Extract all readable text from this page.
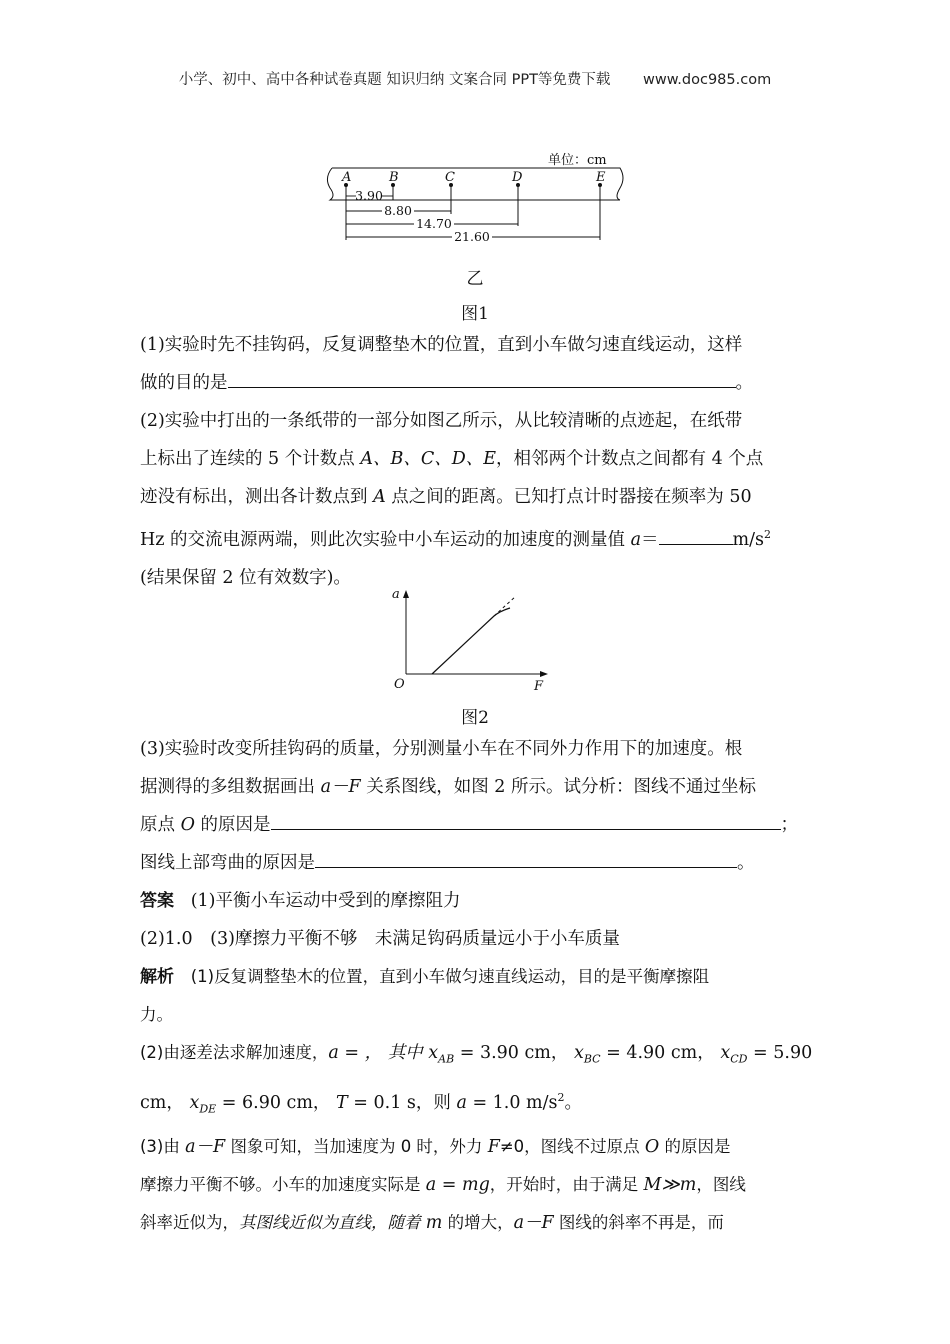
小学、初中、高中各种试卷真题 知识归纳 文案合同 PPT等免费下载 www.doc985.com
单位：cm
A	B	C	D	E
3.90
8.80
14.70
21.60
乙
图1
(1)实验时先不挂钩码，反复调整垫木的位置，直到小车做匀速直线运动，这样
做的目的是	。
(2)实验中打出的一条纸带的一部分如图乙所示，从比较清晰的点迹起，在纸带
上标出了连续的 5 个计数点 A、B、C、D、E，相邻两个计数点之间都有 4 个点
迹没有标出，测出各计数点到 A 点之间的距离。已知打点计时器接在频率为 50
Hz 的交流电源两端，则此次实验中小车运动的加速度的测量值 a＝	$m/s^2$
(结果保留 2 位有效数字)。
a
F
O
图2
(3)实验时改变所挂钩码的质量，分别测量小车在不同外力作用下的加速度。根
据测得的多组数据画出 a－F 关系图线，如图 2 所示。试分析：图线不通过坐标
原点 O 的原因是	；
图线上部弯曲的原因是	。
答案 (1)平衡小车运动中受到的摩擦阻力
(2)1.0　(3)摩擦力平衡不够　未满足钩码质量远小于小车质量
解析 (1)反复调整垫木的位置，直到小车做匀速直线运动，目的是平衡摩擦阻
力。
(2)由逐差法求解加速度，a = ， 其中 $x_{AB} = 3.90$ cm， $x_{BC} = 4.90$ cm， $x_{CD} = 5.90$
cm， $x_{DE} = 6.90$ cm， T = 0.1 s，则 a = 1.0 $m/s^2$。
(3)由 a－F 图象可知，当加速度为 0 时，外力 F≠0，图线不过原点 O 的原因是
摩擦力平衡不够。小车的加速度实际是 a = mg，开始时，由于满足 M≫m，图线
斜率近似为，其图线近似为直线，随着 m 的增大，a－F 图线的斜率不再是，而
